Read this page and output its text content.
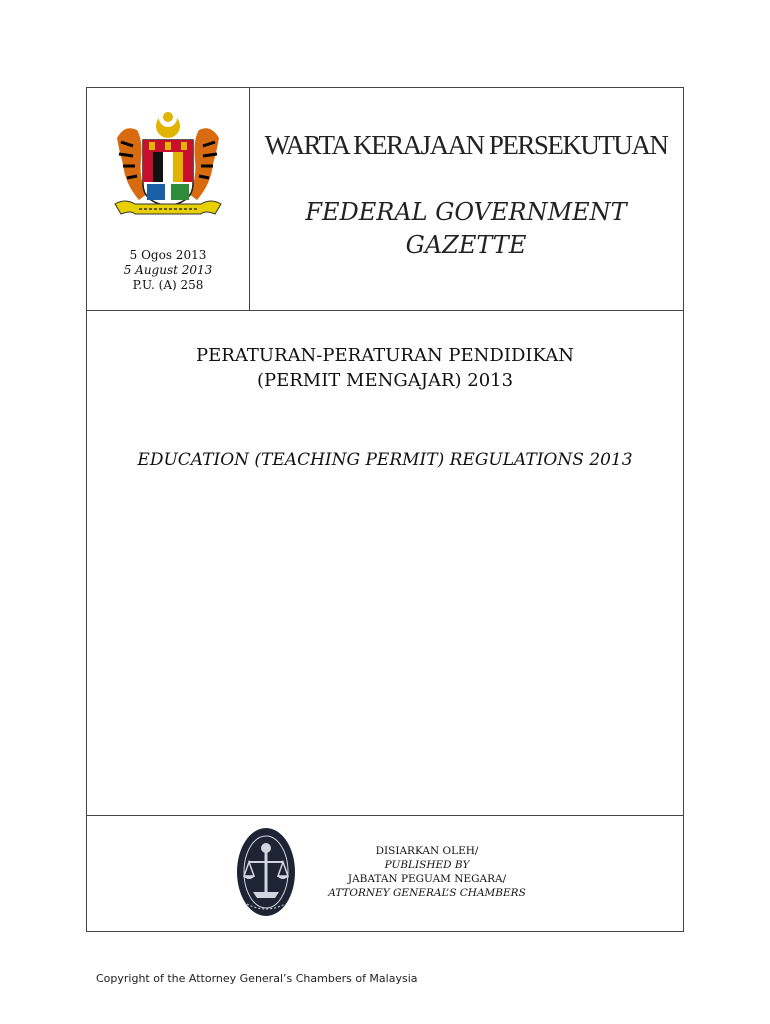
5 Ogos 2013
5 August 2013
P.U. (A) 258
WARTA KERAJAAN PERSEKUTUAN
FEDERAL GOVERNMENT
GAZETTE
PERATURAN-PERATURAN PENDIDIKAN
(PERMIT MENGAJAR) 2013
EDUCATION (TEACHING PERMIT) REGULATIONS 2013
DISIARKAN OLEH/
PUBLISHED BY
JABATAN PEGUAM NEGARA/
ATTORNEY GENERAL’S CHAMBERS
Copyright of the Attorney General’s Chambers of Malaysia
